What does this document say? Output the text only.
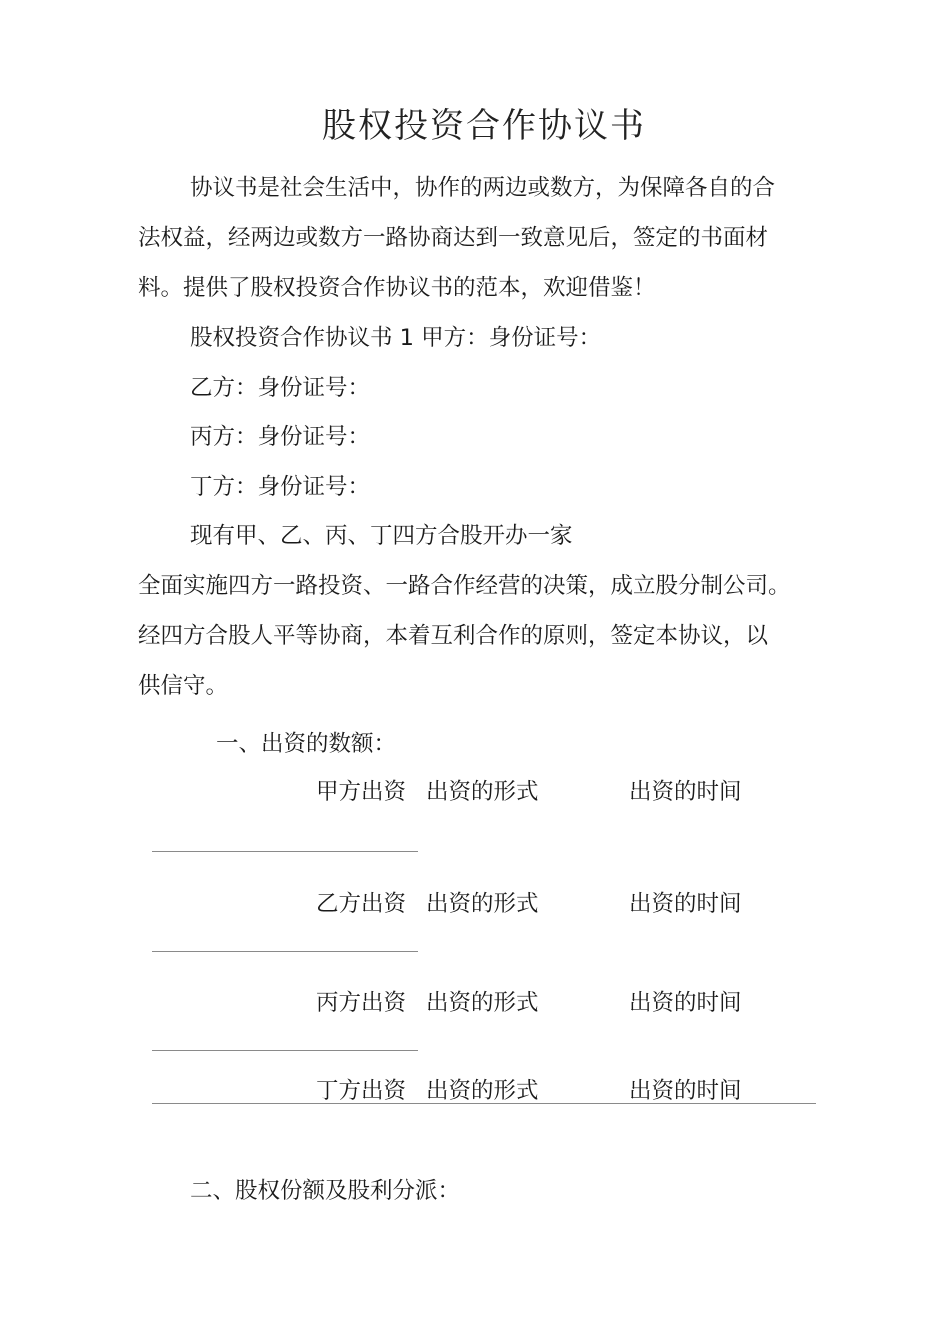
股权投资合作协议书
协议书是社会生活中，协作的两边或数方，为保障各自的合
法权益，经两边或数方一路协商达到一致意见后，签定的书面材
料。提供了股权投资合作协议书的范本，欢迎借鉴！
股权投资合作协议书 1 甲方：身份证号：
乙方：身份证号：
丙方：身份证号：
丁方：身份证号：
现有甲、乙、丙、丁四方合股开办一家
全面实施四方一路投资、一路合作经营的决策，成立股分制公司。
经四方合股人平等协商，本着互利合作的原则，签定本协议，以
供信守。
一、出资的数额：
甲方出资 出资的形式	出资的时间
乙方出资 出资的形式	出资的时间
丙方出资 出资的形式	出资的时间
丁方出资 出资的形式	出资的时间
二、股权份额及股利分派：
